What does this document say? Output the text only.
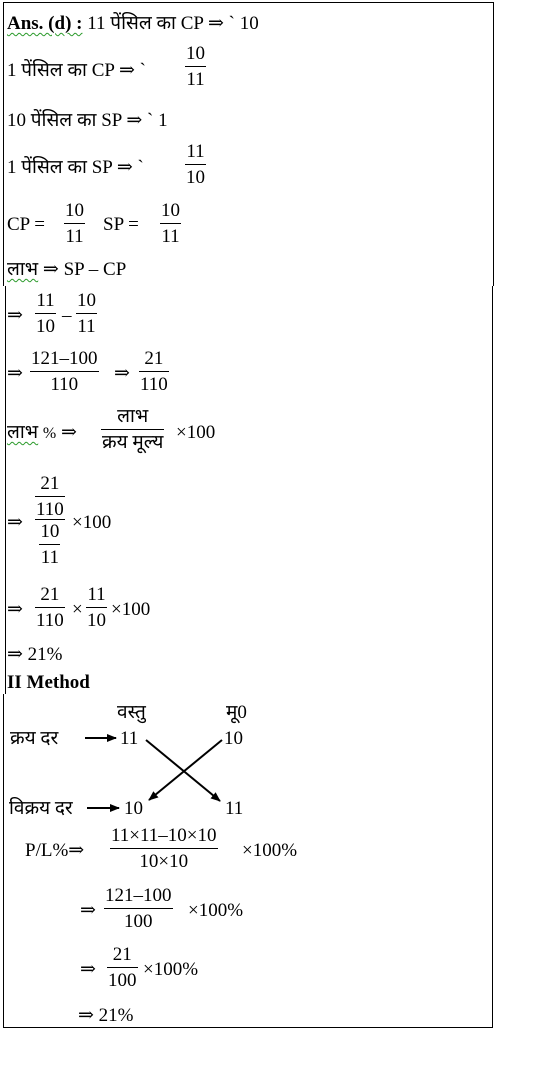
Ans. (d) : 11 पेंसिल का CP ⇒ ` 10
1 पेंसिल का CP ⇒ ` $\frac{10}{11}$
10 पेंसिल का SP ⇒ ` 1
1 पेंसिल का SP ⇒ ` $\frac{11}{10}$
CP = $\frac{10}{11}$ SP = $\frac{10}{11}$
लाभ ⇒ SP – CP
⇒ $\frac{11}{10} - \frac{10}{11}$
⇒ $\frac{121-100}{110}$ ⇒ $\frac{21}{110}$
लाभ % ⇒
लाभ
क्रय मूल्य ×100
⇒ $\frac{\frac{21}{110}}{\frac{10}{11}} \times 100$
⇒ $\frac{21}{110} \times \frac{11}{10} \times 100$
⇒ 21%
II Method
वस्तु	मू0
क्रय दर	11	10
विक्रय दर	10	11
P/L%⇒ $\frac{11\times 11-10\times 10}{10\times 10} \times 100\%$
⇒ $\frac{121-100}{100} \times 100\%$
⇒ $\frac{21}{100} \times 100\%$
⇒ 21%
